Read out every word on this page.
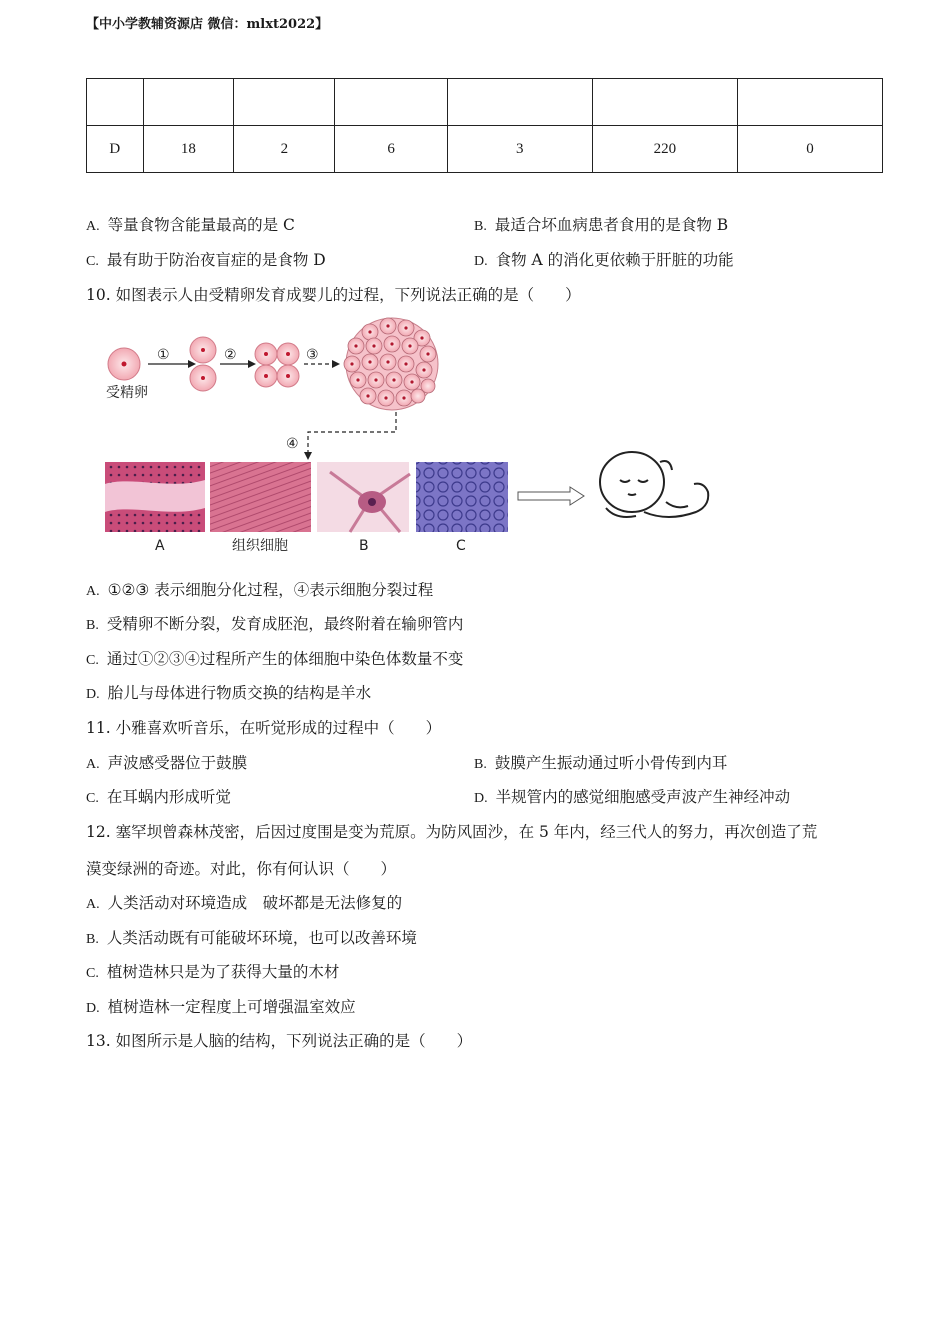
【中小学教辅资源店 微信：mlxt2022】

D	18	2	6	3	220	0
A. 等量食物含能量最高的是 C	B. 最适合坏血病患者食用的是食物 B
C. 最有助于防治夜盲症的是食物 D	D. 食物 A 的消化更依赖于肝脏的功能
10. 如图表示人由受精卵发育成婴儿的过程，下列说法正确的是（　　）
受精卵
①	②	③
④
A	组织细胞	B	C
A. ①②③ 表示细胞分化过程，④表示细胞分裂过程
B. 受精卵不断分裂，发育成胚泡，最终附着在输卵管内
C. 通过①②③④过程所产生的体细胞中染色体数量不变
D. 胎儿与母体进行物质交换的结构是羊水
11. 小雅喜欢听音乐，在听觉形成的过程中（　　）
A. 声波感受器位于鼓膜	B. 鼓膜产生振动通过听小骨传到内耳
C. 在耳蜗内形成听觉	D. 半规管内的感觉细胞感受声波产生神经冲动
12. 塞罕坝曾森林茂密，后因过度围是变为荒原。为防风固沙，在 5 年内，经三代人的努力，再次创造了荒
漠变绿洲的奇迹。对此，你有何认识（　　）
A. 人类活动对环境造成　破坏都是无法修复的
B. 人类活动既有可能破坏环境，也可以改善环境
C. 植树造林只是为了获得大量的木材
D. 植树造林一定程度上可增强温室效应
13. 如图所示是人脑的结构，下列说法正确的是（　　）
